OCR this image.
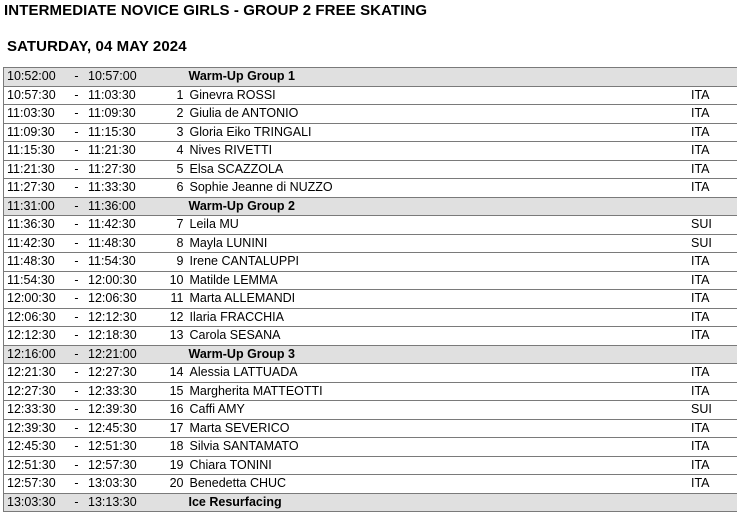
INTERMEDIATE NOVICE GIRLS - GROUP 2 FREE SKATING
SATURDAY, 04 MAY 2024
10:52:00 - 10:57:00	Warm-Up Group 1
10:57:30 - 11:03:30	1 Ginevra ROSSI ITA

11:03:30 - 11:09:30	2 Giulia de ANTONIO ITA

11:09:30 - 11:15:30	3 Gloria Eiko TRINGALI ITA

11:15:30 - 11:21:30	4 Nives RIVETTI ITA

11:21:30 - 11:27:30	5 Elsa SCAZZOLA ITA

11:27:30 - 11:33:30	6 Sophie Jeanne di NUZZO ITA

11:31:00 - 11:36:00	Warm-Up Group 2
11:36:30 - 11:42:30	7 Leila MU SUI

11:42:30 - 11:48:30	8 Mayla LUNINI SUI

11:48:30 - 11:54:30	9 Irene CANTALUPPI ITA

11:54:30 - 12:00:30	10 Matilde LEMMA ITA

12:00:30 - 12:06:30	11 Marta ALLEMANDI ITA

12:06:30 - 12:12:30	12 Ilaria FRACCHIA ITA

12:12:30 - 12:18:30	13 Carola SESANA ITA

12:16:00 - 12:21:00	Warm-Up Group 3
12:21:30 - 12:27:30	14 Alessia LATTUADA ITA

12:27:30 - 12:33:30	15 Margherita MATTEOTTI ITA

12:33:30 - 12:39:30	16 Caffi AMY SUI

12:39:30 - 12:45:30	17 Marta SEVERICO ITA

12:45:30 - 12:51:30	18 Silvia SANTAMATO ITA

12:51:30 - 12:57:30	19 Chiara TONINI ITA

12:57:30 - 13:03:30	20 Benedetta CHUC ITA

13:03:30 - 13:13:30	Ice Resurfacing
